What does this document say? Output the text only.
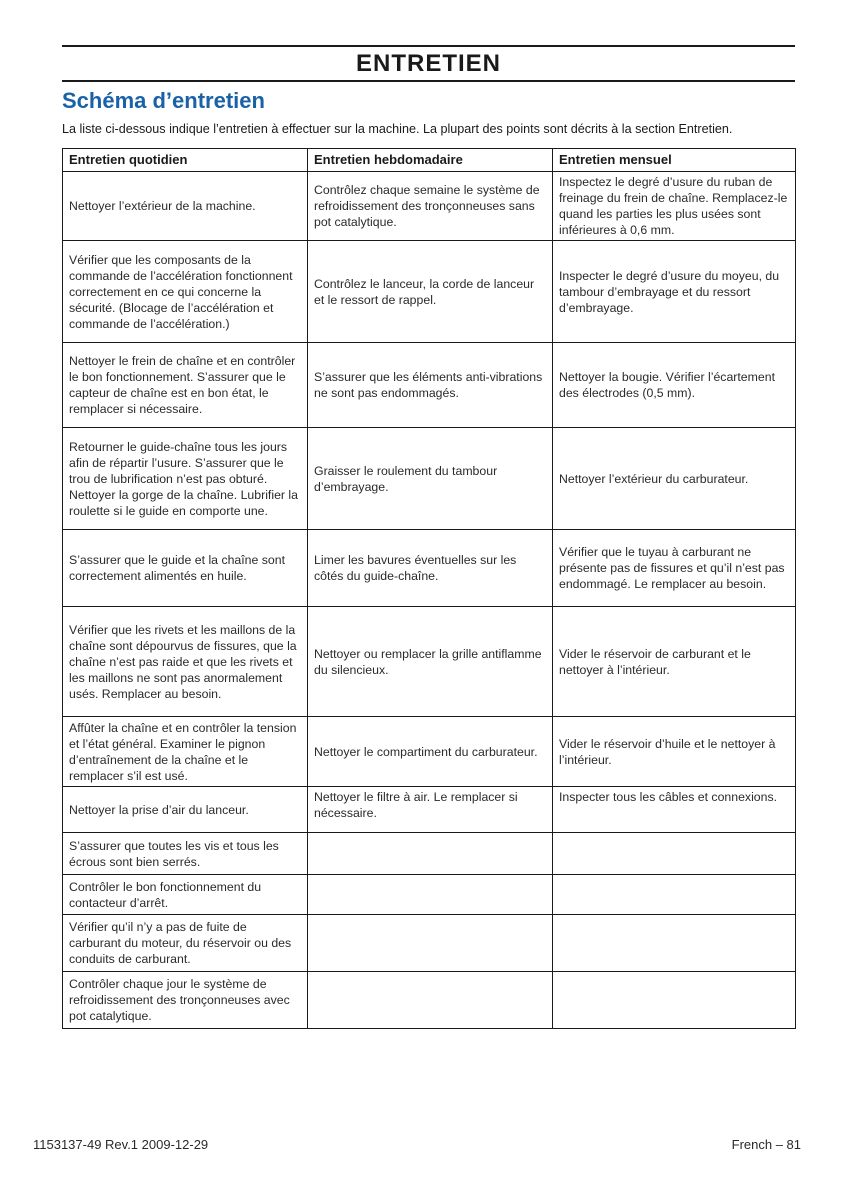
ENTRETIEN
Schéma d’entretien
La liste ci-dessous indique l’entretien à effectuer sur la machine. La plupart des points sont décrits à la section Entretien.
Entretien quotidien	Entretien hebdomadaire	Entretien mensuel
Nettoyer l’extérieur de la machine.	Contrôlez chaque semaine le système de refroidissement des tronçonneuses sans pot catalytique.	Inspectez le degré d’usure du ruban de freinage du frein de chaîne. Remplacez-le quand les parties les plus usées sont inférieures à 0,6 mm.
Vérifier que les composants de la commande de l’accélération fonctionnent correctement en ce qui concerne la sécurité. (Blocage de l’accélération et commande de l’accélération.)	Contrôlez le lanceur, la corde de lanceur et le ressort de rappel.	Inspecter le degré d’usure du moyeu, du tambour d’embrayage et du ressort d’embrayage.
Nettoyer le frein de chaîne et en contrôler le bon fonctionnement. S’assurer que le capteur de chaîne est en bon état, le remplacer si nécessaire.	S’assurer que les éléments anti-vibrations ne sont pas endommagés.	Nettoyer la bougie. Vérifier l’écartement des électrodes (0,5 mm).
Retourner le guide-chaîne tous les jours afin de répartir l’usure. S’assurer que le trou de lubrification n’est pas obturé. Nettoyer la gorge de la chaîne. Lubrifier la roulette si le guide en comporte une.	Graisser le roulement du tambour d’embrayage.	Nettoyer l’extérieur du carburateur.
S’assurer que le guide et la chaîne sont correctement alimentés en huile.	Limer les bavures éventuelles sur les côtés du guide-chaîne.	Vérifier que le tuyau à carburant ne présente pas de fissures et qu’il n’est pas endommagé. Le remplacer au besoin.
Vérifier que les rivets et les maillons de la chaîne sont dépourvus de fissures, que la chaîne n’est pas raide et que les rivets et les maillons ne sont pas anormalement usés. Remplacer au besoin.	Nettoyer ou remplacer la grille antiflamme du silencieux.	Vider le réservoir de carburant et le nettoyer à l’intérieur.
Affûter la chaîne et en contrôler la tension et l’état général. Examiner le pignon d’entraînement de la chaîne et le remplacer s’il est usé.	Nettoyer le compartiment du carburateur.	Vider le réservoir d’huile et le nettoyer à l’intérieur.
Nettoyer la prise d’air du lanceur.	Nettoyer le filtre à air. Le remplacer si nécessaire.	Inspecter tous les câbles et connexions.
S’assurer que toutes les vis et tous les écrous sont bien serrés.		
Contrôler le bon fonctionnement du contacteur d’arrêt.		
Vérifier qu’il n’y a pas de fuite de carburant du moteur, du réservoir ou des conduits de carburant.		
Contrôler chaque jour le système de refroidissement des tronçonneuses avec pot catalytique.		
1153137-49 Rev.1 2009-12-29	French – 81
